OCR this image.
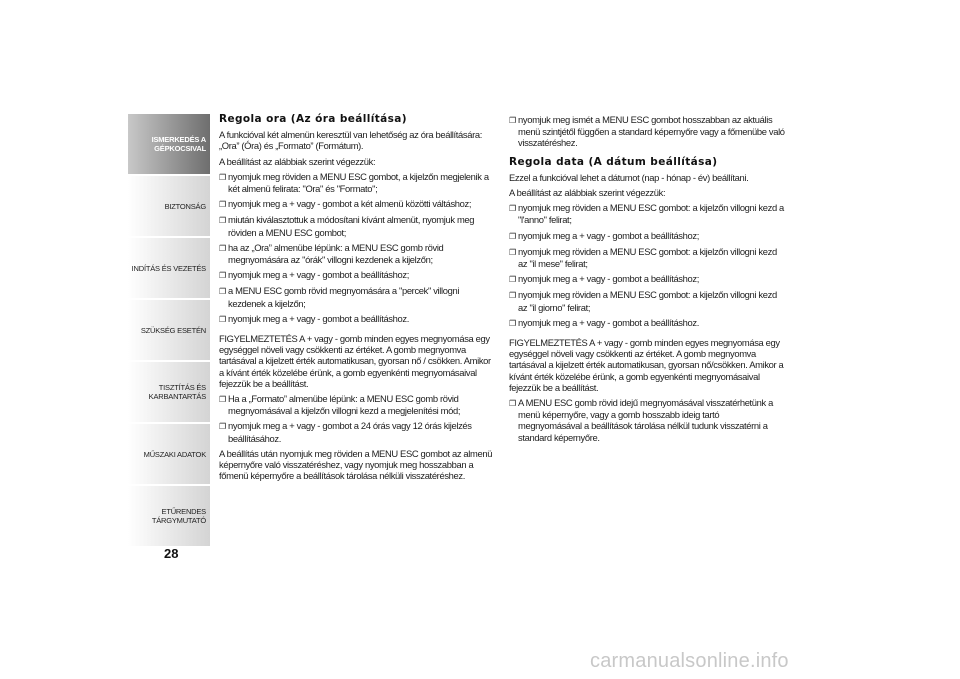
ISMERKEDÉS A
GÉPKOCSIVAL
BIZTONSÁG
INDÍTÁS ÉS VEZETÉS
SZÜKSÉG ESETÉN
TISZTÍTÁS ÉS
KARBANTARTÁS
MŰSZAKI ADATOK
ETŰRENDES
TÁRGYMUTATÓ
28
Regola ora (Az óra beállítása)

A funkcióval két almenün keresztül van lehetőség az óra beállítására: „Ora” (Óra) és „Formato” (Formátum).

A beállítást az alábbiak szerint végezzük:

❐ nyomjuk meg röviden a MENU ESC gombot, a kijelzőn megjelenik a két almenü felirata: "Ora" és "Formato";
❐ nyomjuk meg a + vagy - gombot a két almenü közötti váltáshoz;
❐ miután kiválasztottuk a módosítani kívánt almenüt, nyomjuk meg röviden a MENU ESC gombot;
❐ ha az „Ora” almenübe lépünk: a MENU ESC gomb rövid megnyomására az "órák" villogni kezdenek a kijelzőn;
❐ nyomjuk meg a + vagy - gombot a beállításhoz;
❐ a MENU ESC gomb rövid megnyomására a "percek" villogni kezdenek a kijelzőn;
❐ nyomjuk meg a + vagy - gombot a beállításhoz.

FIGYELMEZTETÉS A + vagy - gomb minden egyes megnyomása egy egységgel növeli vagy csökkenti az értéket. A gomb megnyomva tartásával a kijelzett érték automatikusan, gyorsan nő / csökken. Amikor a kívánt érték közelébe érünk, a gomb egyenkénti megnyomásaival fejezzük be a beállítást.

❐ Ha a „Formato” almenübe lépünk: a MENU ESC gomb rövid megnyomásával a kijelzőn villogni kezd a megjelenítési mód;
❐ nyomjuk meg a + vagy - gombot a 24 órás vagy 12 órás kijelzés beállításához.

A beállítás után nyomjuk meg röviden a MENU ESC gombot az almenü képernyőre való visszatéréshez, vagy nyomjuk meg hosszabban a főmenü képernyőre a beállítások tárolása nélküli visszatéréshez.

❐ nyomjuk meg ismét a MENU ESC gombot hosszabban az aktuális menü szintjétől függően a standard képernyőre vagy a főmenübe való visszatéréshez.
Regola data (A dátum beállítása)

Ezzel a funkcióval lehet a dátumot (nap - hónap - év) beállítani.

A beállítást az alábbiak szerint végezzük:

❐ nyomjuk meg röviden a MENU ESC gombot: a kijelzőn villogni kezd a "l'anno" felirat;
❐ nyomjuk meg a + vagy - gombot a beállításhoz;
❐ nyomjuk meg röviden a MENU ESC gombot: a kijelzőn villogni kezd az "il mese" felirat;
❐ nyomjuk meg a + vagy - gombot a beállításhoz;
❐ nyomjuk meg röviden a MENU ESC gombot: a kijelzőn villogni kezd az "il giorno" felirat;
❐ nyomjuk meg a + vagy - gombot a beállításhoz.

FIGYELMEZTETÉS A + vagy - gomb minden egyes megnyomása egy egységgel növeli vagy csökkenti az értéket. A gomb megnyomva tartásával a kijelzett érték automatikusan, gyorsan nő/csökken. Amikor a kívánt érték közelébe érünk, a gomb egyenkénti megnyomásaival fejezzük be a beállítást.

❐ A MENU ESC gomb rövid idejű megnyomásával visszatérhetünk a menü képernyőre, vagy a gomb hosszabb ideig tartó megnyomásával a beállítások tárolása nélkül tudunk visszatérni a standard képernyőre.
carmanualsonline.info
